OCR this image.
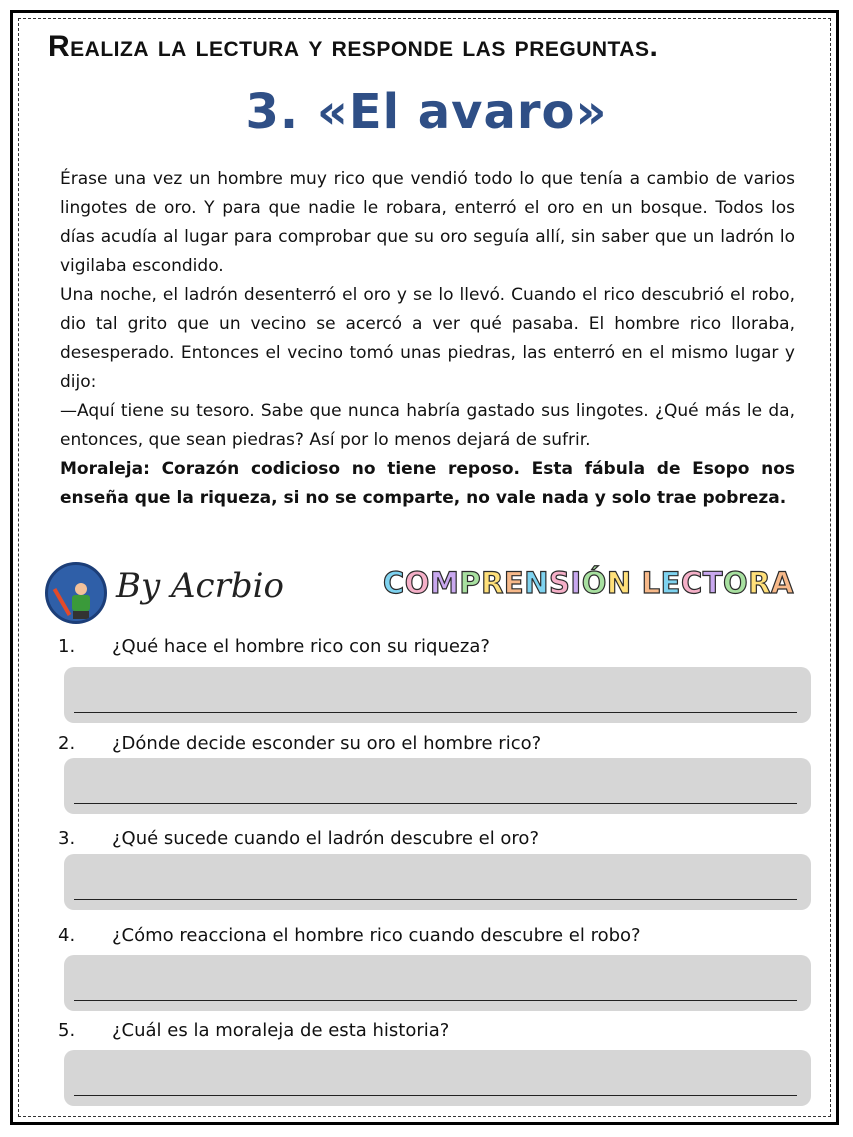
Realiza la lectura y responde las preguntas.
3. «El avaro»

Érase una vez un hombre muy rico que vendió todo lo que tenía a cambio de varios lingotes de oro. Y para que nadie le robara, enterró el oro en un bosque. Todos los días acudía al lugar para comprobar que su oro seguía allí, sin saber que un ladrón lo vigilaba escondido.

Una noche, el ladrón desenterró el oro y se lo llevó. Cuando el rico descubrió el robo, dio tal grito que un vecino se acercó a ver qué pasaba. El hombre rico lloraba, desesperado. Entonces el vecino tomó unas piedras, las enterró en el mismo lugar y dijo:

—Aquí tiene su tesoro. Sabe que nunca habría gastado sus lingotes. ¿Qué más le da, entonces, que sean piedras? Así por lo menos dejará de sufrir.

Moraleja: Corazón codicioso no tiene reposo. Esta fábula de Esopo nos enseña que la riqueza, si no se comparte, no vale nada y solo trae pobreza.

By Acrbio	COMPRENSIÓN LECTORA
1. ¿Qué hace el hombre rico con su riqueza?
2. ¿Dónde decide esconder su oro el hombre rico?
3. ¿Qué sucede cuando el ladrón descubre el oro?
4. ¿Cómo reacciona el hombre rico cuando descubre el robo?
5. ¿Cuál es la moraleja de esta historia?
